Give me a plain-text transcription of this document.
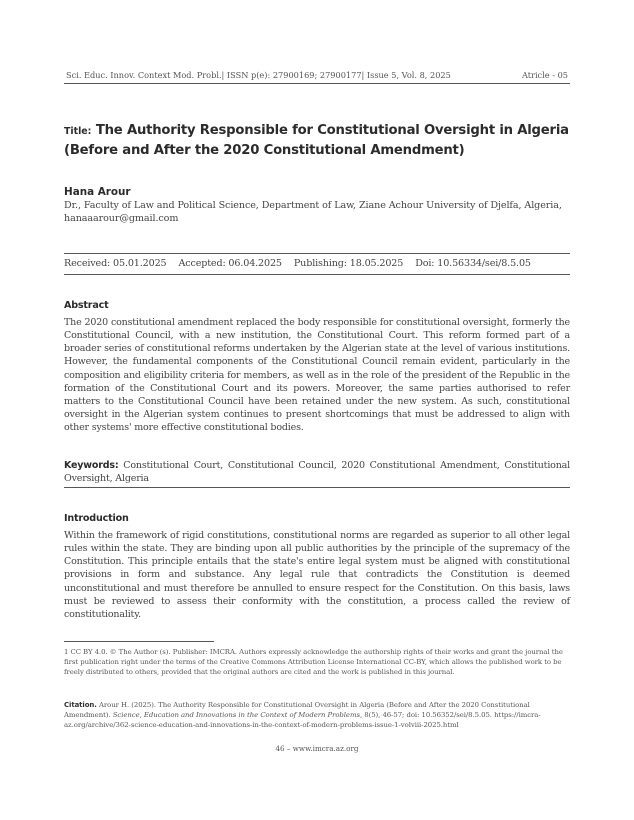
Sci. Educ. Innov. Context Mod. Probl.| ISSN p(e): 27900169; 27900177| Issue 5, Vol. 8, 2025	Atricle - 05
Title: The Authority Responsible for Constitutional Oversight in Algeria (Before and After the 2020 Constitutional Amendment)
Hana Arour
Dr., Faculty of Law and Political Science, Department of Law, Ziane Achour University of Djelfa, Algeria,
hanaaarour@gmail.com
Received: 05.01.2025 Accepted: 06.04.2025 Publishing: 18.05.2025 Doi: 10.56334/sei/8.5.05
Abstract
The 2020 constitutional amendment replaced the body responsible for constitutional oversight, formerly the Constitutional Council, with a new institution, the Constitutional Court. This reform formed part of a broader series of constitutional reforms undertaken by the Algerian state at the level of various institutions. However, the fundamental components of the Constitutional Council remain evident, particularly in the composition and eligibility criteria for members, as well as in the role of the president of the Republic in the formation of the Constitutional Court and its powers. Moreover, the same parties authorised to refer matters to the Constitutional Council have been retained under the new system. As such, constitutional oversight in the Algerian system continues to present shortcomings that must be addressed to align with other systems' more effective constitutional bodies.
Keywords: Constitutional Court, Constitutional Council, 2020 Constitutional Amendment, Constitutional Oversight, Algeria
Introduction
Within the framework of rigid constitutions, constitutional norms are regarded as superior to all other legal rules within the state. They are binding upon all public authorities by the principle of the supremacy of the Constitution. This principle entails that the state's entire legal system must be aligned with constitutional provisions in form and substance. Any legal rule that contradicts the Constitution is deemed unconstitutional and must therefore be annulled to ensure respect for the Constitution. On this basis, laws must be reviewed to assess their conformity with the constitution, a process called the review of constitutionality.
1 CC BY 4.0. © The Author (s). Publisher: IMCRA. Authors expressly acknowledge the authorship rights of their works and grant the journal the first publication right under the terms of the Creative Commons Attribution License International CC-BY, which allows the published work to be freely distributed to others, provided that the original authors are cited and the work is published in this journal.
Citation. Arour H. (2025). The Authority Responsible for Constitutional Oversight in Algeria (Before and After the 2020 Constitutional Amendment). Science, Education and Innovations in the Context of Modern Problems, 8(5), 46-57; doi: 10.56352/sei/8.5.05. https://imcra-az.org/archive/362-science-education-and-innovations-in-the-context-of-modern-problems-issue-1-volviii-2025.html
46 – www.imcra.az.org
